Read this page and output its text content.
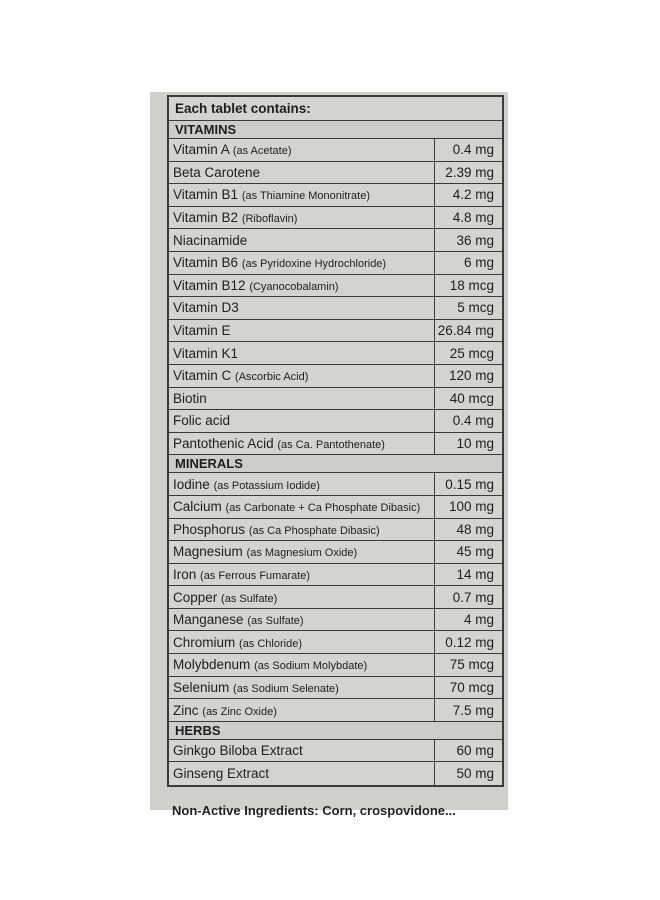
Each tablet contains:
VITAMINS
Vitamin A (as Acetate)	0.4 mg
Beta Carotene	2.39 mg
Vitamin B1 (as Thiamine Mononitrate)	4.2 mg
Vitamin B2 (Riboflavin)	4.8 mg
Niacinamide	36 mg
Vitamin B6 (as Pyridoxine Hydrochloride)	6 mg
Vitamin B12 (Cyanocobalamin)	18 mcg
Vitamin D3	5 mcg
Vitamin E	26.84 mg
Vitamin K1	25 mcg
Vitamin C (Ascorbic Acid)	120 mg
Biotin	40 mcg
Folic acid	0.4 mg
Pantothenic Acid (as Ca. Pantothenate)	10 mg
MINERALS
Iodine (as Potassium Iodide)	0.15 mg
Calcium (as Carbonate + Ca Phosphate Dibasic)	100 mg
Phosphorus (as Ca Phosphate Dibasic)	48 mg
Magnesium (as Magnesium Oxide)	45 mg
Iron (as Ferrous Fumarate)	14 mg
Copper (as Sulfate)	0.7 mg
Manganese (as Sulfate)	4 mg
Chromium (as Chloride)	0.12 mg
Molybdenum (as Sodium Molybdate)	75 mcg
Selenium (as Sodium Selenate)	70 mcg
Zinc (as Zinc Oxide)	7.5 mg
HERBS
Ginkgo Biloba Extract	60 mg
Ginseng Extract	50 mg
Non-Active Ingredients: Corn, crospovidone...
